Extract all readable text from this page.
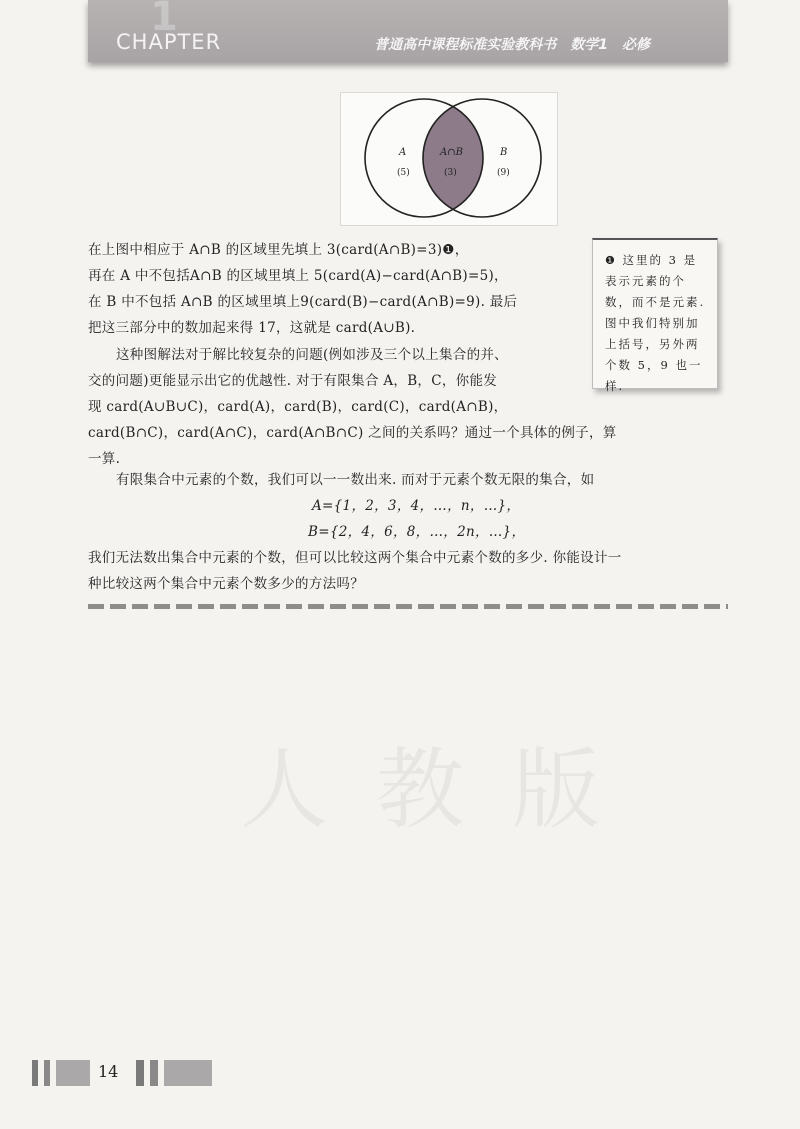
1
CHAPTER	普通高中课程标准实验教科书　数学1　必修
A
(5)
A∩B
(3)
B
(9)

在上图中相应于 A∩B 的区域里先填上 3(card(A∩B)=3)❶，

再在 A 中不包括A∩B 的区域里填上 5(card(A)−card(A∩B)=5)，

在 B 中不包括 A∩B 的区域里填上9(card(B)−card(A∩B)=9). 最后

把这三部分中的数加起来得 17，这就是 card(A∪B).

❶ 这里的 3 是表示元素的个数，而不是元素. 图中我们特别加上括号，另外两个数 5，9 也一样.

这种图解法对于解比较复杂的问题(例如涉及三个以上集合的并、

交的问题)更能显示出它的优越性. 对于有限集合 A，B，C，你能发

现 card(A∪B∪C)，card(A)，card(B)，card(C)，card(A∩B)，

card(B∩C)，card(A∩C)，card(A∩B∩C) 之间的关系吗？通过一个具体的例子，算

一算.

有限集合中元素的个数，我们可以一一数出来. 而对于元素个数无限的集合，如

A={1，2，3，4，…，n，…}，

B={2，4，6，8，…，2n，…}，

我们无法数出集合中元素的个数，但可以比较这两个集合中元素个数的多少. 你能设计一

种比较这两个集合中元素个数多少的方法吗？

人 教 版
14
